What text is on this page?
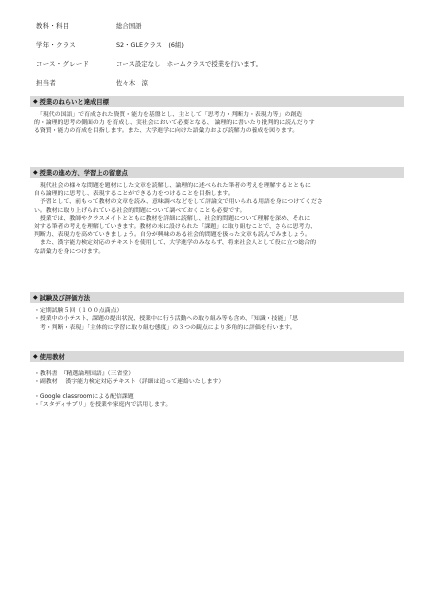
教科・科目	総合国語
学年・クラス	S2・GLEクラス　(6組)
コース・グレード	コース設定なし　ホームクラスで授業を行います。
担当者	佐々木　涼
◆ 授業のねらいと達成目標

　「現代の国語」で育成された資質・能力を基盤とし、主として「思考力・判断力・表現力等」の創造

的・論理的思考の側面の力 を育成し、実社会において必要となる、 論理的に書いたり批判的に読んだりす

る資質・能力の育成を目指します。また、大学進学に向けた語彙力および読解力の養成を図ります。

◆ 授業の進め方、学習上の留意点

　現代社会の様々な問題を題材にした文章を読解し、論理的に述べられた筆者の考えを理解するとともに

自ら論理的に思考し、表現することができる力をつけることを目指します。

　予習として、前もって教材の文章を読み、意味調べなどをして評論文で用いられる用語を身につけてくださ

い。教材に取り上げられている社会的問題について調べておくことも必要です。

　授業では、教師やクラスメイトとともに教材を詳細に読解し、社会的問題について理解を深め、それに

対する筆者の考えを理解していきます。教材の末に設けられた「課題」に取り組むことで、さらに思考力、

判断力、表現力を高めていきましょう。自分が興味のある社会的問題を扱った文章も読んでみましょう。

　また、漢字能力検定対応のテキストを使用して、大学進学のみならず、将来社会人として役に立つ総合的

な語彙力を身につけます。

◆ 試験及び評価方法
・定期試験５回（１００点満点）
・授業中の小テスト、課題の提出状況、授業中に行う活動への取り組み等も含め、「知識・技能」「思
　考・判断・表現」「主体的に学習に取り組む態度」の３つの観点により多角的に評価を行います。
◆ 使用教材
・教科書　『精選論理国語』（三省堂）
・副教材　 漢字能力検定対応テキスト（詳細は追って連絡いたします）
・Google classroomによる配信課題
・「スタディサプリ」を授業や家庭内で活用します。
